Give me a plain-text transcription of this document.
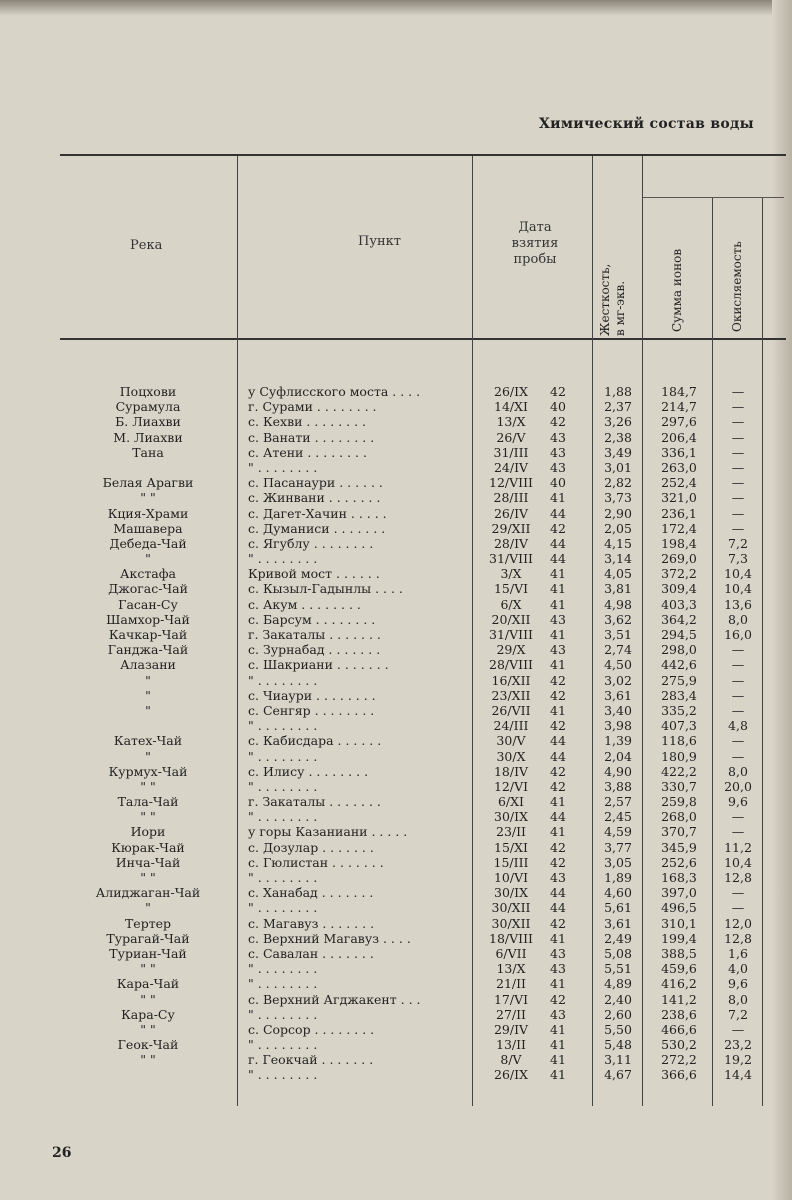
Химический состав воды
Река	Пункт
Дата
взятия
пробы
Жесткость, в мг-экв.	Сумма ионов	Окисляемость
Поцхови	у Суфлисского моста . . . .	26/IX	42	1,88	184,7	—
Сурамула	г. Сурами . . . . . . . .	14/XI	40	2,37	214,7	—
Б. Лиахви	с. Кехви . . . . . . . .	13/X	42	3,26	297,6	—
М. Лиахви	с. Ванати . . . . . . . .	26/V	43	2,38	206,4	—
Тана	с. Атени . . . . . . . .	31/III	43	3,49	336,1	—
" . . . . . . . .	24/IV	43	3,01	263,0	—
Белая Арагви	с. Пасанаури . . . . . .	12/VIII	40	2,82	252,4	—
" "	с. Жинвани . . . . . . .	28/III	41	3,73	321,0	—
Кция-Храми	с. Дагет-Хачин . . . . .	26/IV	44	2,90	236,1	—
Машавера	с. Думаниси . . . . . . .	29/XII	42	2,05	172,4	—
Дебеда-Чай	с. Ягублу . . . . . . . .	28/IV	44	4,15	198,4	7,2
"	" . . . . . . . .	31/VIII	44	3,14	269,0	7,3
Акстафа	Кривой мост . . . . . .	3/X	41	4,05	372,2	10,4
Джогас-Чай	с. Кызыл-Гадынлы . . . .	15/VI	41	3,81	309,4	10,4
Гасан-Су	с. Акум . . . . . . . .	6/X	41	4,98	403,3	13,6
Шамхор-Чай	с. Барсум . . . . . . . .	20/XII	43	3,62	364,2	8,0
Качкар-Чай	г. Закаталы . . . . . . .	31/VIII	41	3,51	294,5	16,0
Ганджа-Чай	с. Зурнабад . . . . . . .	29/X	43	2,74	298,0	—
Алазани	с. Шакриани . . . . . . .	28/VIII	41	4,50	442,6	—
"	" . . . . . . . .	16/XII	42	3,02	275,9	—
"	с. Чиаури . . . . . . . .	23/XII	42	3,61	283,4	—
"	с. Сенгяр . . . . . . . .	26/VII	41	3,40	335,2	—
" . . . . . . . .	24/III	42	3,98	407,3	4,8
Катех-Чай	с. Кабисдара . . . . . .	30/V	44	1,39	118,6	—
"	" . . . . . . . .	30/X	44	2,04	180,9	—
Курмух-Чай	с. Илису . . . . . . . .	18/IV	42	4,90	422,2	8,0
" "	" . . . . . . . .	12/VI	42	3,88	330,7	20,0
Тала-Чай	г. Закаталы . . . . . . .	6/XI	41	2,57	259,8	9,6
" "	" . . . . . . . .	30/IX	44	2,45	268,0	—
Иори	у горы Казаниани . . . . .	23/II	41	4,59	370,7	—
Кюрак-Чай	с. Дозулар . . . . . . .	15/XI	42	3,77	345,9	11,2
Инча-Чай	с. Гюлистан . . . . . . .	15/III	42	3,05	252,6	10,4
" "	" . . . . . . . .	10/VI	43	1,89	168,3	12,8
Алиджаган-Чай	с. Ханабад . . . . . . .	30/IX	44	4,60	397,0	—
"	" . . . . . . . .	30/XII	44	5,61	496,5	—
Тертер	с. Магавуз . . . . . . .	30/XII	42	3,61	310,1	12,0
Турагай-Чай	с. Верхний Магавуз . . . .	18/VIII	41	2,49	199,4	12,8
Туриан-Чай	с. Савалан . . . . . . .	6/VII	43	5,08	388,5	1,6
" "	" . . . . . . . .	13/X	43	5,51	459,6	4,0
Кара-Чай	" . . . . . . . .	21/II	41	4,89	416,2	9,6
" "	с. Верхний Агджакент . . .	17/VI	42	2,40	141,2	8,0
Кара-Су	" . . . . . . . .	27/II	43	2,60	238,6	7,2
" "	с. Сорсор . . . . . . . .	29/IV	41	5,50	466,6	—
Геок-Чай	" . . . . . . . .	13/II	41	5,48	530,2	23,2
" "	г. Геокчай . . . . . . .	8/V	41	3,11	272,2	19,2
" . . . . . . . .	26/IX	41	4,67	366,6	14,4
26
